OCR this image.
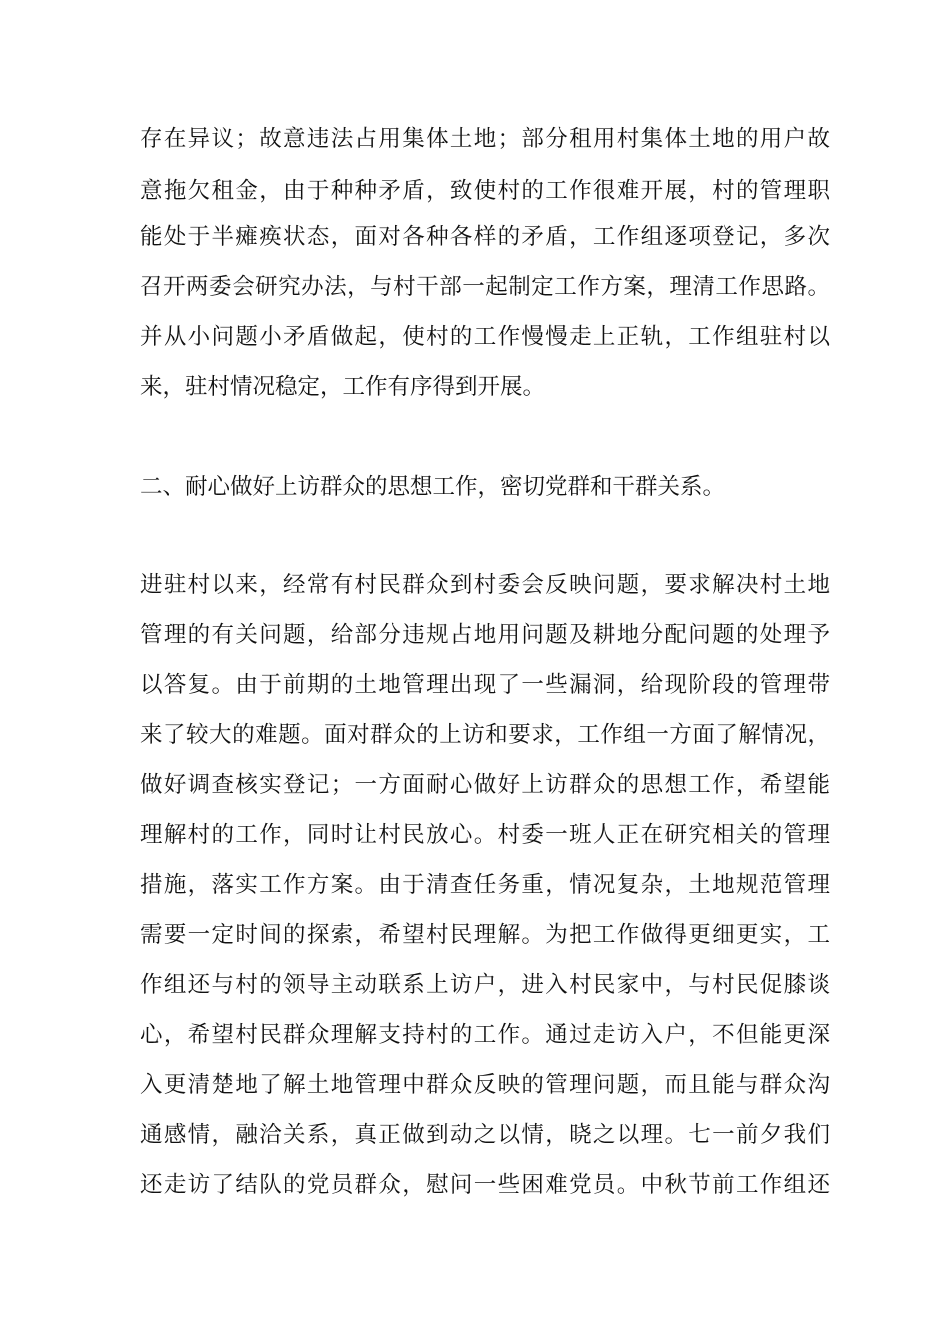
存在异议；故意违法占用集体土地；部分租用村集体土地的用户故
意拖欠租金，由于种种矛盾，致使村的工作很难开展，村的管理职
能处于半瘫痪状态，面对各种各样的矛盾，工作组逐项登记，多次
召开两委会研究办法，与村干部一起制定工作方案，理清工作思路。
并从小问题小矛盾做起，使村的工作慢慢走上正轨，工作组驻村以
来，驻村情况稳定，工作有序得到开展。
二、耐心做好上访群众的思想工作，密切党群和干群关系。
进驻村以来，经常有村民群众到村委会反映问题，要求解决村土地
管理的有关问题，给部分违规占地用问题及耕地分配问题的处理予
以答复。由于前期的土地管理出现了一些漏洞，给现阶段的管理带
来了较大的难题。面对群众的上访和要求，工作组一方面了解情况，
做好调查核实登记；一方面耐心做好上访群众的思想工作，希望能
理解村的工作，同时让村民放心。村委一班人正在研究相关的管理
措施，落实工作方案。由于清查任务重，情况复杂，土地规范管理
需要一定时间的探索，希望村民理解。为把工作做得更细更实，工
作组还与村的领导主动联系上访户，进入村民家中，与村民促膝谈
心，希望村民群众理解支持村的工作。通过走访入户，不但能更深
入更清楚地了解土地管理中群众反映的管理问题，而且能与群众沟
通感情，融洽关系，真正做到动之以情，晓之以理。七一前夕我们
还走访了结队的党员群众，慰问一些困难党员。中秋节前工作组还
